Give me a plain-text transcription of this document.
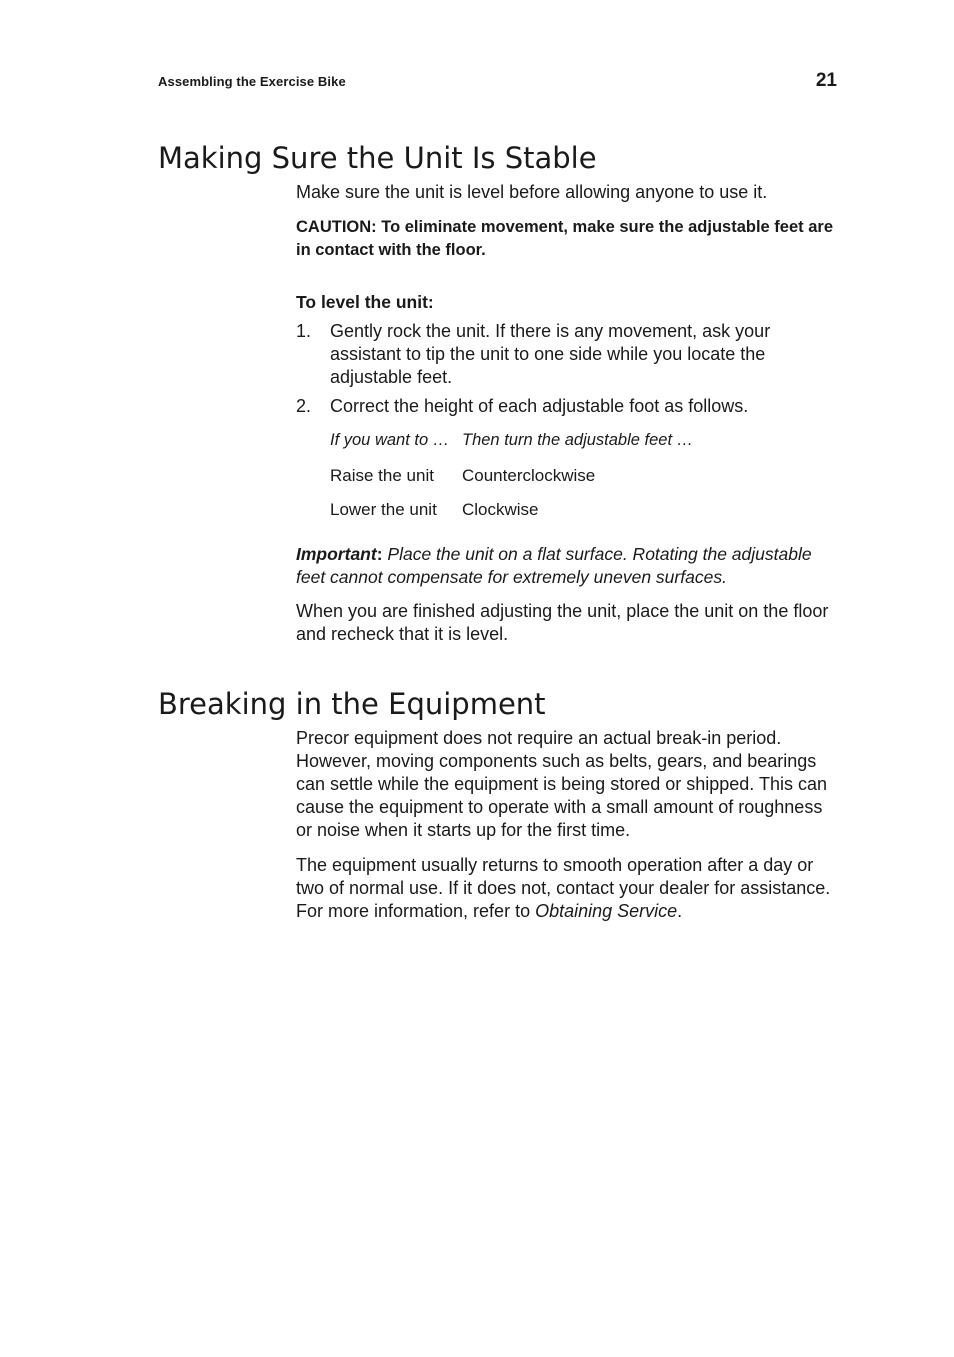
Assembling the Exercise Bike	21
Making Sure the Unit Is Stable

Make sure the unit is level before allowing anyone to use it.

CAUTION: To eliminate movement, make sure the adjustable feet are in contact with the floor.

To level the unit:

1. Gently rock the unit. If there is any movement, ask your assistant to tip the unit to one side while you locate the adjustable feet.
2. Correct the height of each adjustable foot as follows.
If you want to …	Then turn the adjustable feet …
Raise the unit	Counterclockwise
Lower the unit	Clockwise

Important: Place the unit on a flat surface. Rotating the adjustable feet cannot compensate for extremely uneven surfaces.

When you are finished adjusting the unit, place the unit on the floor and recheck that it is level.

Breaking in the Equipment

Precor equipment does not require an actual break-in period. However, moving components such as belts, gears, and bearings can settle while the equipment is being stored or shipped. This can cause the equipment to operate with a small amount of roughness or noise when it starts up for the first time.

The equipment usually returns to smooth operation after a day or two of normal use. If it does not, contact your dealer for assistance. For more information, refer to Obtaining Service.
